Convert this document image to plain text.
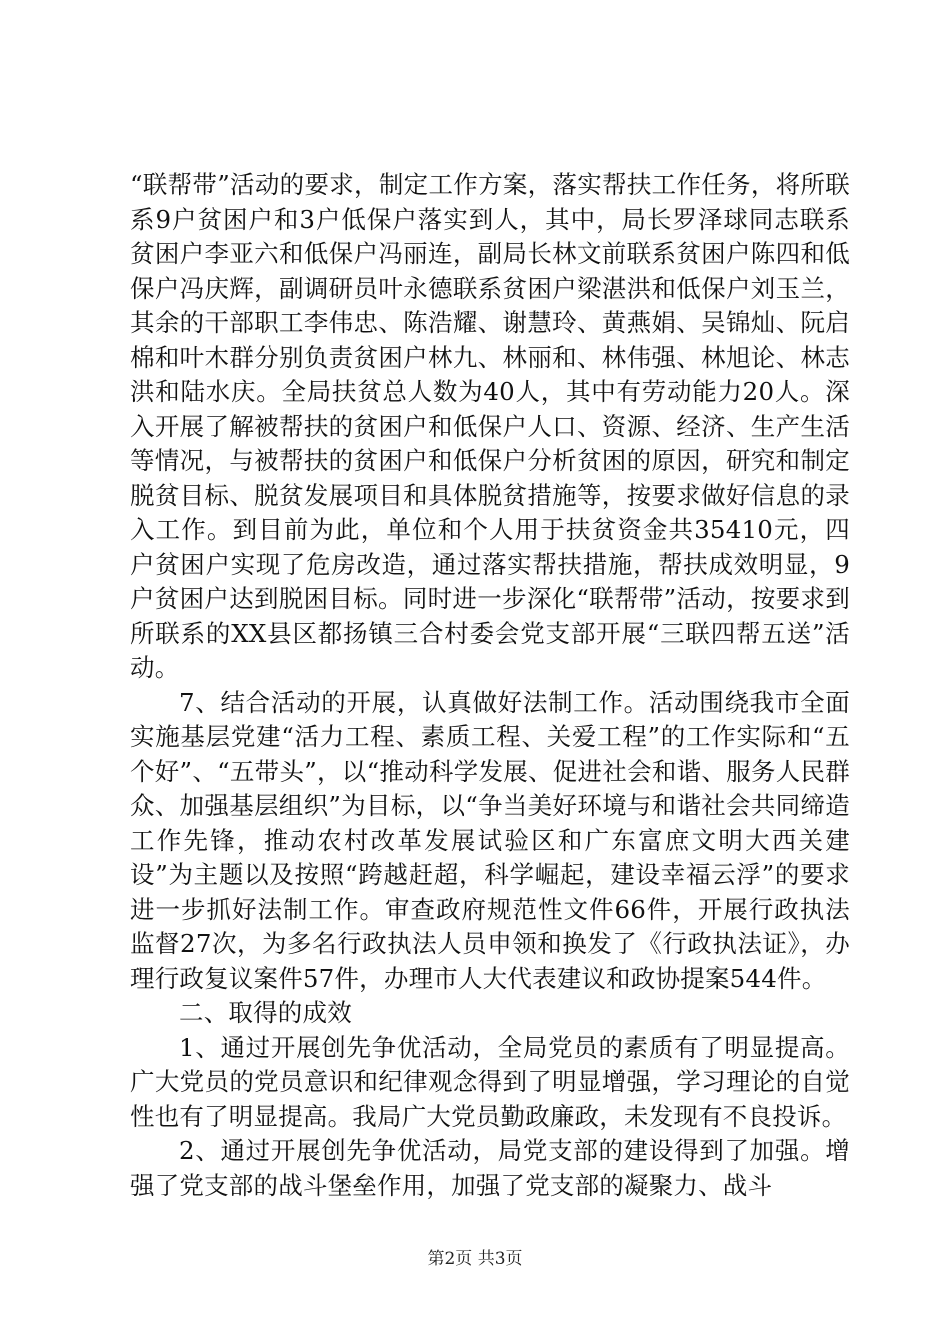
“联帮带”活动的要求，制定工作方案，落实帮扶工作任务，将所联系9户贫困户和3户低保户落实到人，其中，局长罗泽球同志联系贫困户李亚六和低保户冯丽连，副局长林文前联系贫困户陈四和低保户冯庆辉，副调研员叶永德联系贫困户梁湛洪和低保户刘玉兰，其余的干部职工李伟忠、陈浩耀、谢慧玲、黄燕娟、吴锦灿、阮启棉和叶木群分别负责贫困户林九、林丽和、林伟强、林旭论、林志洪和陆水庆。全局扶贫总人数为40人，其中有劳动能力20人。深入开展了解被帮扶的贫困户和低保户人口、资源、经济、生产生活等情况，与被帮扶的贫困户和低保户分析贫困的原因，研究和制定脱贫目标、脱贫发展项目和具体脱贫措施等，按要求做好信息的录入工作。到目前为此，单位和个人用于扶贫资金共35410元，四户贫困户实现了危房改造，通过落实帮扶措施，帮扶成效明显，9户贫困户达到脱困目标。同时进一步深化“联帮带”活动，按要求到所联系的XX县区都扬镇三合村委会党支部开展“三联四帮五送”活动。

7、结合活动的开展，认真做好法制工作。活动围绕我市全面实施基层党建“活力工程、素质工程、关爱工程”的工作实际和“五个好”、“五带头”，以“推动科学发展、促进社会和谐、服务人民群众、加强基层组织”为目标，以“争当美好环境与和谐社会共同缔造工作先锋，推动农村改革发展试验区和广东富庶文明大西关建设”为主题以及按照“跨越赶超，科学崛起，建设幸福云浮”的要求进一步抓好法制工作。审查政府规范性文件66件，开展行政执法监督27次，为多名行政执法人员申领和换发了《行政执法证》，办理行政复议案件57件，办理市人大代表建议和政协提案544件。

二、取得的成效

1、通过开展创先争优活动，全局党员的素质有了明显提高。广大党员的党员意识和纪律观念得到了明显增强，学习理论的自觉性也有了明显提高。我局广大党员勤政廉政，未发现有不良投诉。

2、通过开展创先争优活动，局党支部的建设得到了加强。增强了党支部的战斗堡垒作用，加强了党支部的凝聚力、战斗

第2页 共3页
